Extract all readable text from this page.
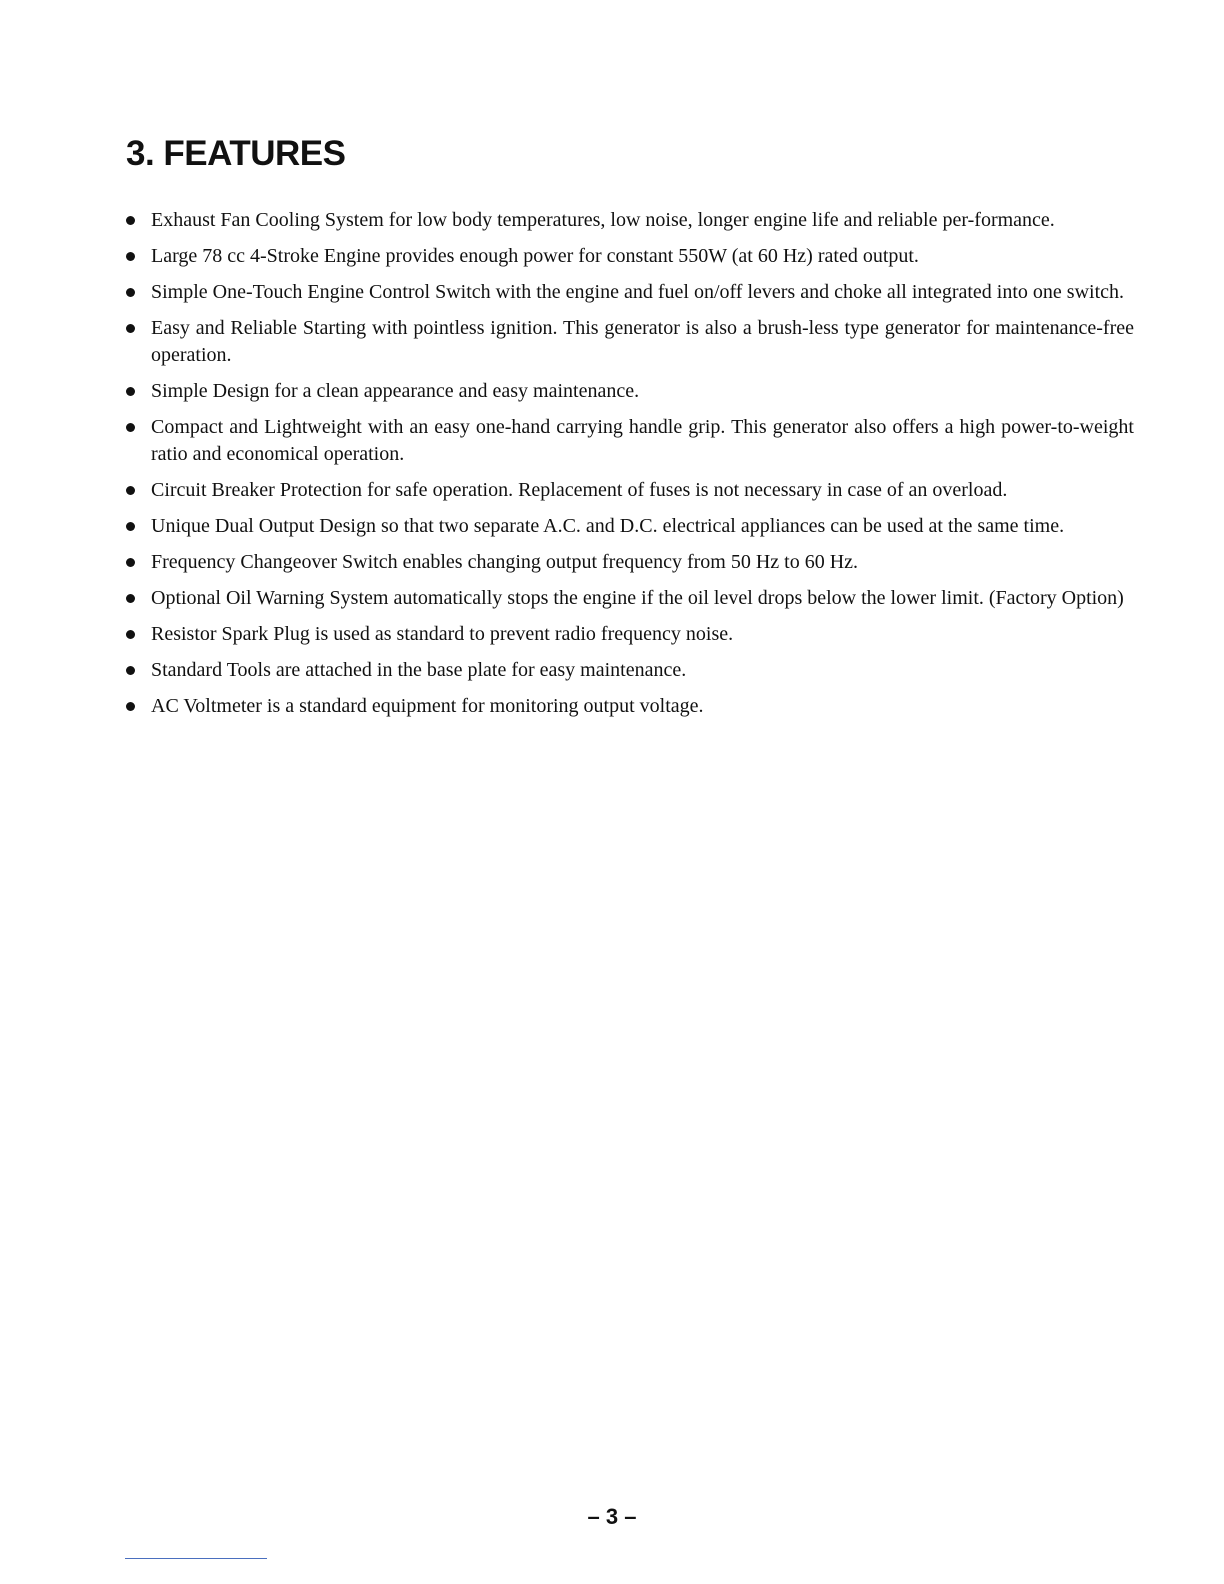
3. FEATURES
Exhaust Fan Cooling System for low body temperatures, low noise, longer engine life and reliable per-formance.
Large 78 cc 4-Stroke Engine provides enough power for constant 550W (at 60 Hz) rated output.
Simple One-Touch Engine Control Switch with the engine and fuel on/off levers and choke all integrated into one switch.
Easy and Reliable Starting with pointless ignition. This generator is also a brush-less type generator for maintenance-free operation.
Simple Design for a clean appearance and easy maintenance.
Compact and Lightweight with an easy one-hand carrying handle grip. This generator also offers a high power-to-weight ratio and economical operation.
Circuit Breaker Protection for safe operation. Replacement of fuses is not necessary in case of an overload.
Unique Dual Output Design so that two separate A.C. and D.C. electrical appliances can be used at the same time.
Frequency Changeover Switch enables changing output frequency from 50 Hz to 60 Hz.
Optional Oil Warning System automatically stops the engine if the oil level drops below the lower limit. (Factory Option)
Resistor Spark Plug is used as standard to prevent radio frequency noise.
Standard Tools are attached in the base plate for easy maintenance.
AC Voltmeter is a standard equipment for monitoring output voltage.
– 3 –
